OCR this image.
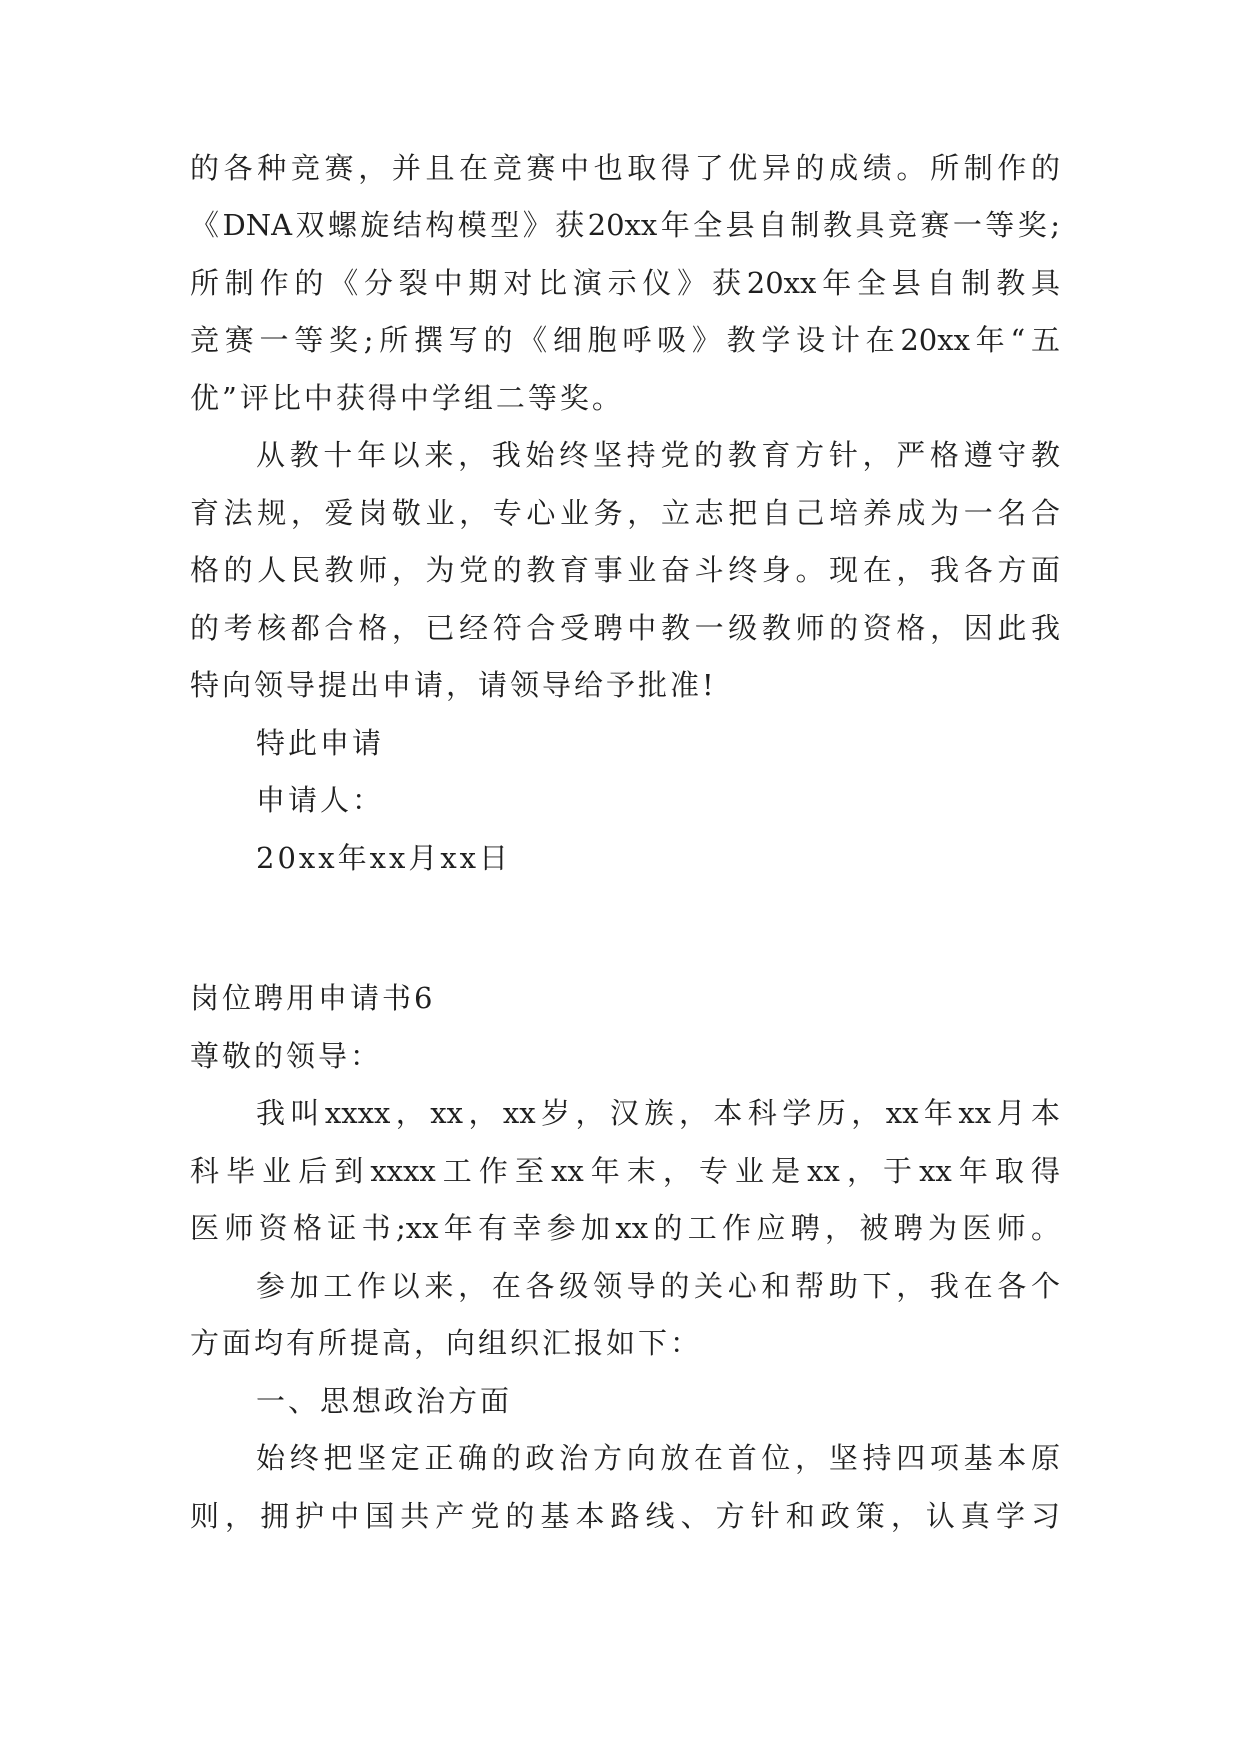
的各种竞赛，并且在竞赛中也取得了优异的成绩。所制作的
《DNA双螺旋结构模型》获20xx年全县自制教具竞赛一等奖;
所制作的《分裂中期对比演示仪》获20xx年全县自制教具
竞赛一等奖;所撰写的《细胞呼吸》教学设计在20xx年“五
优”评比中获得中学组二等奖。
从教十年以来，我始终坚持党的教育方针，严格遵守教
育法规，爱岗敬业，专心业务，立志把自己培养成为一名合
格的人民教师，为党的教育事业奋斗终身。现在，我各方面
的考核都合格，已经符合受聘中教一级教师的资格，因此我
特向领导提出申请，请领导给予批准!
特此申请
申请人：
20xx年xx月xx日
岗位聘用申请书6
尊敬的领导：
我叫xxxx，xx，xx岁，汉族，本科学历，xx年xx月本
科毕业后到xxxx工作至xx年末，专业是xx，于xx年取得
医师资格证书;xx年有幸参加xx的工作应聘，被聘为医师。
参加工作以来，在各级领导的关心和帮助下，我在各个
方面均有所提高，向组织汇报如下：
一、思想政治方面
始终把坚定正确的政治方向放在首位，坚持四项基本原
则，拥护中国共产党的基本路线、方针和政策，认真学习
